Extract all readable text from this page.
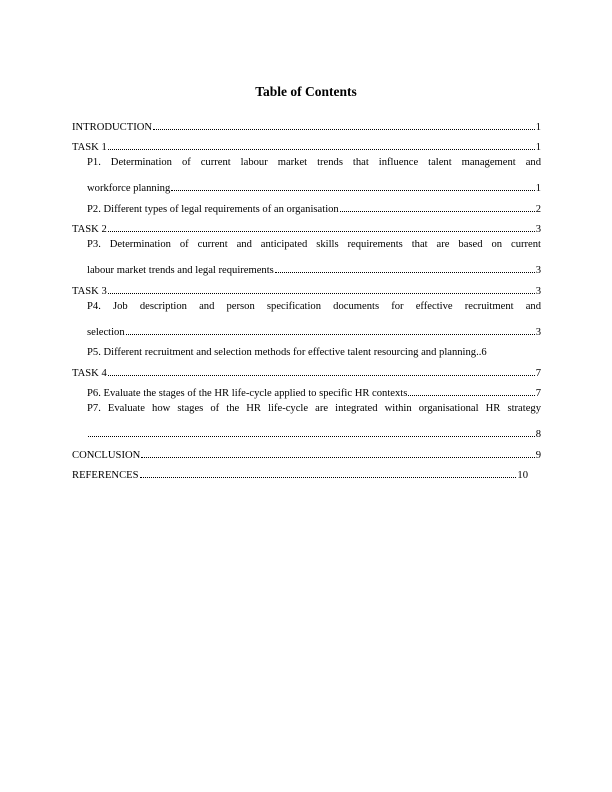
Table of Contents
INTRODUCTION	1
TASK 1	1
P1. Determination of current labour market trends that influence talent management and
workforce planning	1
P2. Different types of legal requirements of an organisation	2
TASK 2	3
P3. Determination of current and anticipated skills requirements that are based on current
labour market trends and legal requirements	3
TASK 3	3
P4. Job description and person specification documents for effective recruitment and
selection	3
P5. Different recruitment and selection methods for effective talent resourcing and planning. .6
TASK 4	7
P6. Evaluate the stages of the HR life-cycle applied to specific HR contexts	7
P7. Evaluate how stages of the HR life-cycle are integrated within organisational HR strategy
8
CONCLUSION	9
REFERENCES	10
